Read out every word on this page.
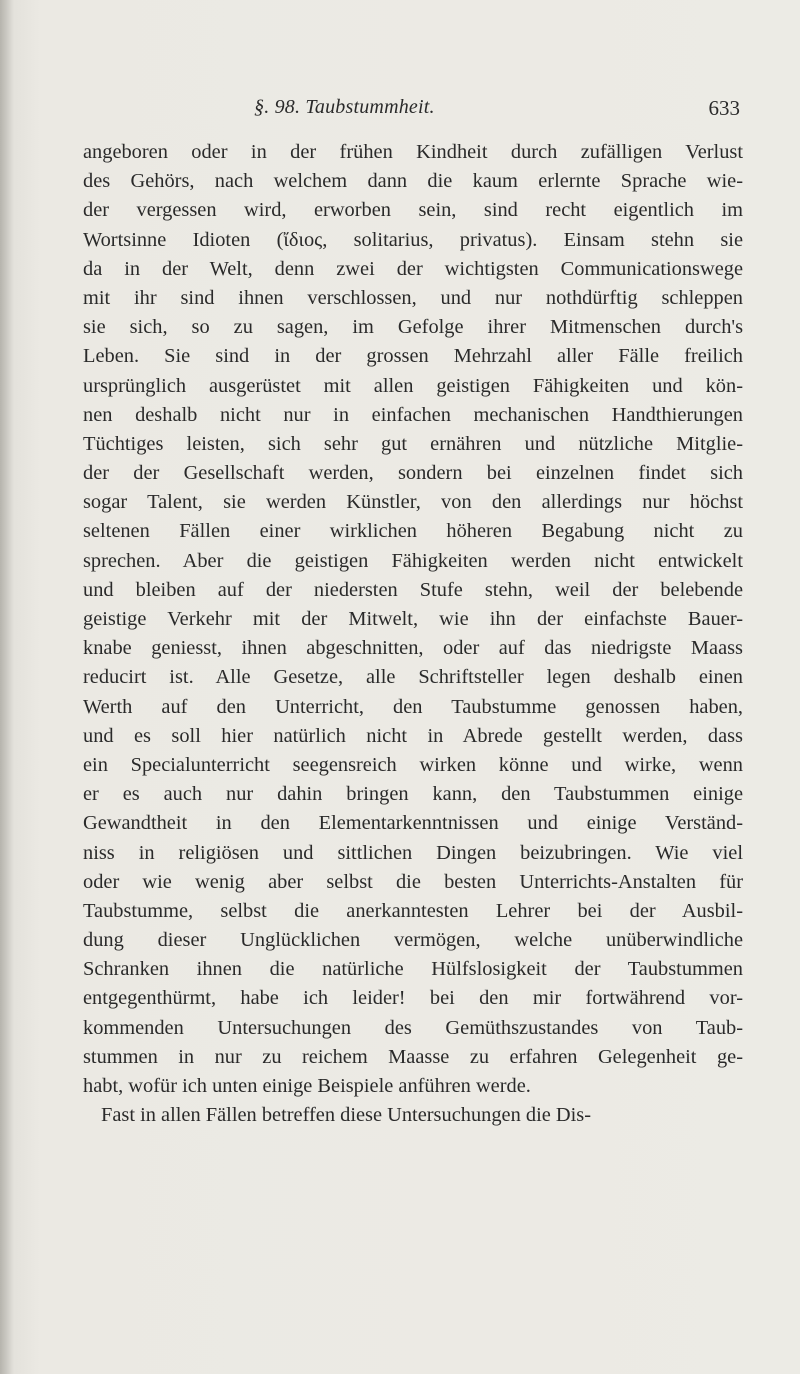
§. 98. Taubstummheit.	633
angeboren oder in der frühen Kindheit durch zufälligen Verlust
des Gehörs, nach welchem dann die kaum erlernte Sprache wie-
der vergessen wird, erworben sein, sind recht eigentlich im
Wortsinne Idioten (ἴδιος, solitarius, privatus). Einsam stehn sie
da in der Welt, denn zwei der wichtigsten Communicationswege
mit ihr sind ihnen verschlossen, und nur nothdürftig schleppen
sie sich, so zu sagen, im Gefolge ihrer Mitmenschen durch's
Leben. Sie sind in der grossen Mehrzahl aller Fälle freilich
ursprünglich ausgerüstet mit allen geistigen Fähigkeiten und kön-
nen deshalb nicht nur in einfachen mechanischen Handthierungen
Tüchtiges leisten, sich sehr gut ernähren und nützliche Mitglie-
der der Gesellschaft werden, sondern bei einzelnen findet sich
sogar Talent, sie werden Künstler, von den allerdings nur höchst
seltenen Fällen einer wirklichen höheren Begabung nicht zu
sprechen. Aber die geistigen Fähigkeiten werden nicht entwickelt
und bleiben auf der niedersten Stufe stehn, weil der belebende
geistige Verkehr mit der Mitwelt, wie ihn der einfachste Bauer-
knabe geniesst, ihnen abgeschnitten, oder auf das niedrigste Maass
reducirt ist. Alle Gesetze, alle Schriftsteller legen deshalb einen
Werth auf den Unterricht, den Taubstumme genossen haben,
und es soll hier natürlich nicht in Abrede gestellt werden, dass
ein Specialunterricht seegensreich wirken könne und wirke, wenn
er es auch nur dahin bringen kann, den Taubstummen einige
Gewandtheit in den Elementarkenntnissen und einige Verständ-
niss in religiösen und sittlichen Dingen beizubringen. Wie viel
oder wie wenig aber selbst die besten Unterrichts-Anstalten für
Taubstumme, selbst die anerkanntesten Lehrer bei der Ausbil-
dung dieser Unglücklichen vermögen, welche unüberwindliche
Schranken ihnen die natürliche Hülfslosigkeit der Taubstummen
entgegenthürmt, habe ich leider! bei den mir fortwährend vor-
kommenden Untersuchungen des Gemüthszustandes von Taub-
stummen in nur zu reichem Maasse zu erfahren Gelegenheit ge-
habt, wofür ich unten einige Beispiele anführen werde.
Fast in allen Fällen betreffen diese Untersuchungen die Dis-
